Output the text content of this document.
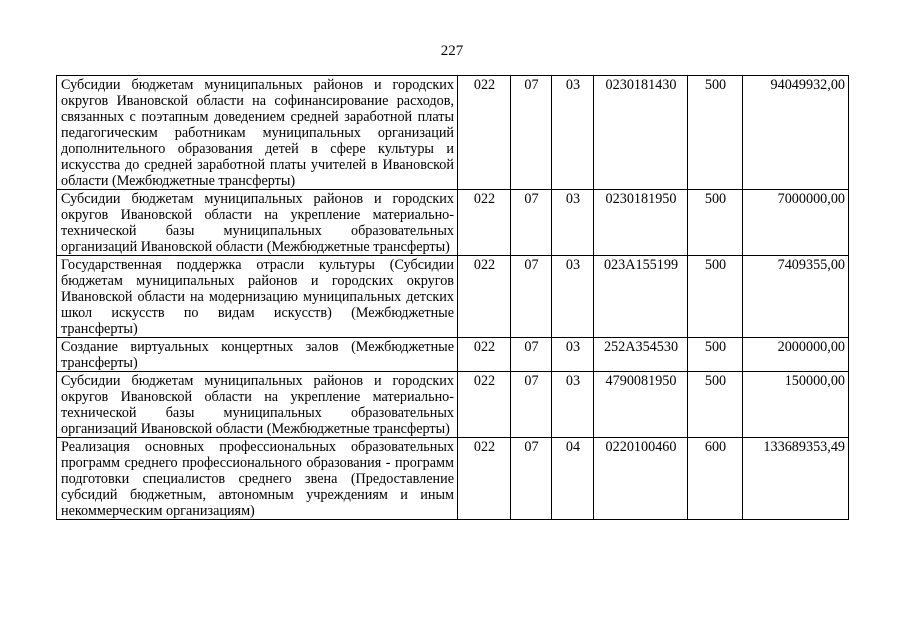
227
Субсидии бюджетам муниципальных районов и городских округов Ивановской области на софинансирование расходов, связанных с поэтапным доведением средней заработной платы педагогическим работникам муниципальных организаций дополнительного образования детей в сфере культуры и искусства до средней заработной платы учителей в Ивановской области (Межбюджетные трансферты)	022	07	03	0230181430	500	94049932,00
Субсидии бюджетам муниципальных районов и городских округов Ивановской области на укрепление материально-технической базы муниципальных образовательных организаций Ивановской области (Межбюджетные трансферты)	022	07	03	0230181950	500	7000000,00
Государственная поддержка отрасли культуры (Субсидии бюджетам муниципальных районов и городских округов Ивановской области на модернизацию муниципальных детских школ искусств по видам искусств) (Межбюджетные трансферты)	022	07	03	023А155199	500	7409355,00
Создание виртуальных концертных залов (Межбюджетные трансферты)	022	07	03	252А354530	500	2000000,00
Субсидии бюджетам муниципальных районов и городских округов Ивановской области на укрепление материально-технической базы муниципальных образовательных организаций Ивановской области (Межбюджетные трансферты)	022	07	03	4790081950	500	150000,00
Реализация основных профессиональных образовательных программ среднего профессионального образования - программ подготовки специалистов среднего звена (Предоставление субсидий бюджетным, автономным учреждениям и иным некоммерческим организациям)	022	07	04	0220100460	600	133689353,49
